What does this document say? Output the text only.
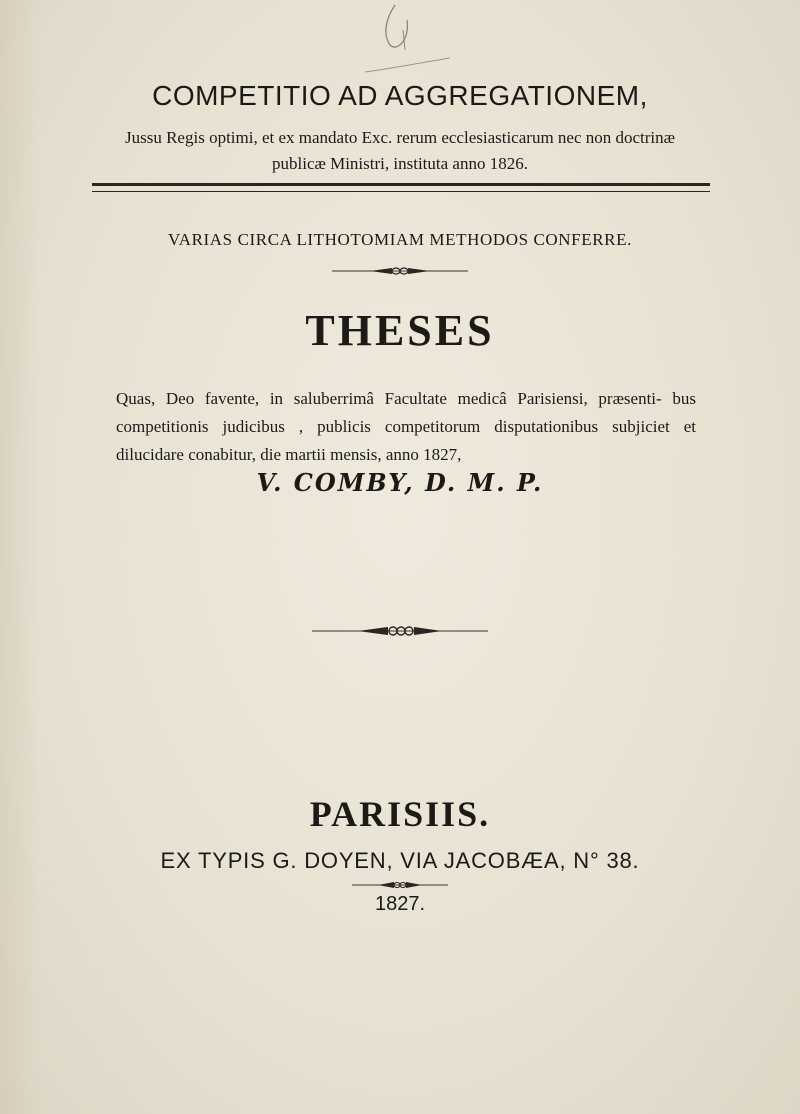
COMPETITIO AD AGGREGATIONEM,
Jussu Regis optimi, et ex mandato Exc. rerum ecclesiasticarum nec non doctrinæ
publicæ Ministri, instituta anno 1826.
VARIAS CIRCA LITHOTOMIAM METHODOS CONFERRE.
THESES
Quas, Deo favente, in saluberrimâ Facultate medicâ Parisiensi, præsenti- bus competitionis judicibus , publicis competitorum disputationibus subjiciet et dilucidare conabitur, die martii mensis, anno 1827,
V. COMBY, D. M. P.
PARISIIS.
EX TYPIS G. DOYEN, VIA JACOBÆA, N° 38.
1827.
